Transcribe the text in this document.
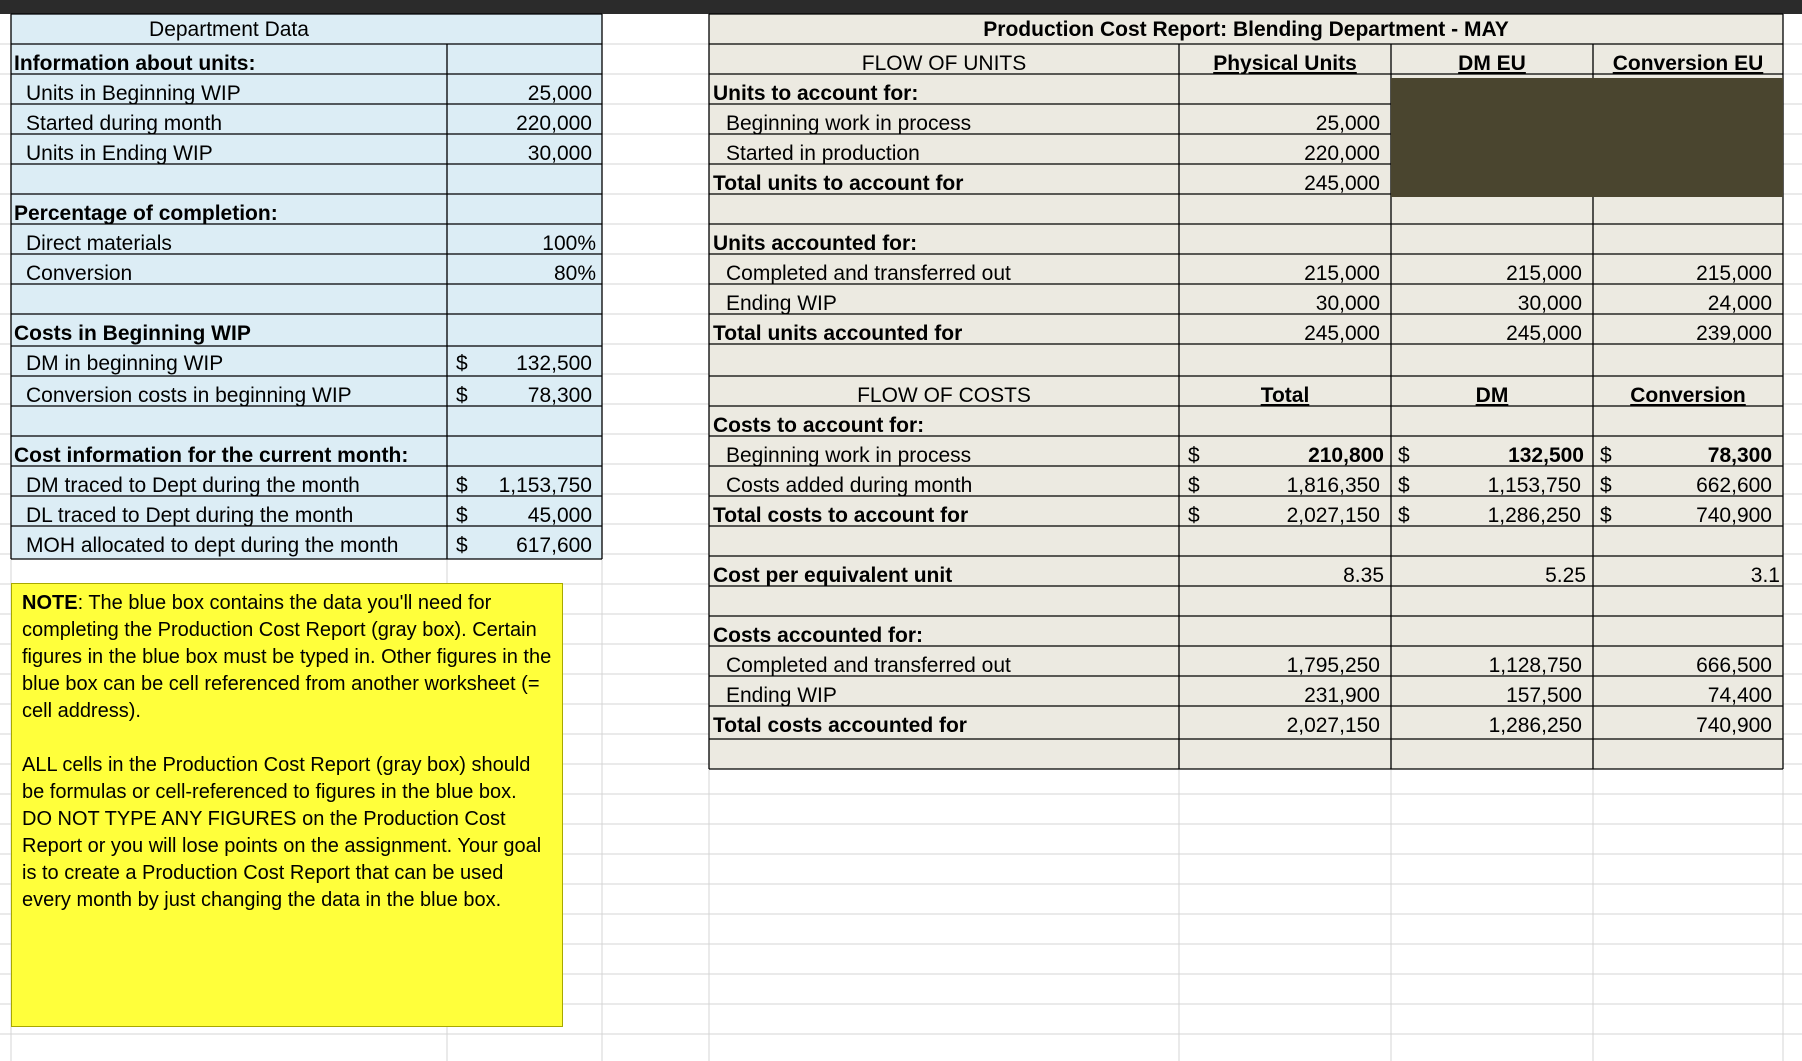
Department Data
Information about units:
Units in Beginning WIP	25,000
Started during month	220,000
Units in Ending WIP	30,000
Percentage of completion:
Direct materials	100%
Conversion	80%
Costs in Beginning WIP
DM in beginning WIP	$	132,500
Conversion costs in beginning WIP	$	78,300
Cost information for the current month:
DM traced to Dept during the month	$	1,153,750
DL traced to Dept during the month	$	45,000
MOH allocated to dept during the month	$	617,600

NOTE: The blue box contains the data you'll need for completing the Production Cost Report (gray box). Certain figures in the blue box must be typed in. Other figures in the blue box can be cell referenced from another worksheet (= cell address).

ALL cells in the Production Cost Report (gray box) should be formulas or cell-referenced to figures in the blue box. DO NOT TYPE ANY FIGURES on the Production Cost Report or you will lose points on the assignment. Your goal is to create a Production Cost Report that can be used every month by just changing the data in the blue box.

Production Cost Report: Blending Department - MAY
FLOW OF UNITS	Physical Units	DM EU	Conversion EU
Units to account for:
Beginning work in process	25,000
Started in production	220,000
Total units to account for	245,000
Units accounted for:
Completed and transferred out	215,000	215,000	215,000
Ending WIP	30,000	30,000	24,000
Total units accounted for	245,000	245,000	239,000
FLOW OF COSTS	Total	DM	Conversion
Costs to account for:
Beginning work in process	$	210,800 $	132,500 $	78,300
Costs added during month	$	1,816,350 $	1,153,750 $	662,600
Total costs to account for	$	2,027,150 $	1,286,250 $	740,900
Cost per equivalent unit	8.35	5.25	3.1
Costs accounted for:
Completed and transferred out	1,795,250	1,128,750	666,500
Ending WIP	231,900	157,500	74,400
Total costs accounted for	2,027,150	1,286,250	740,900
